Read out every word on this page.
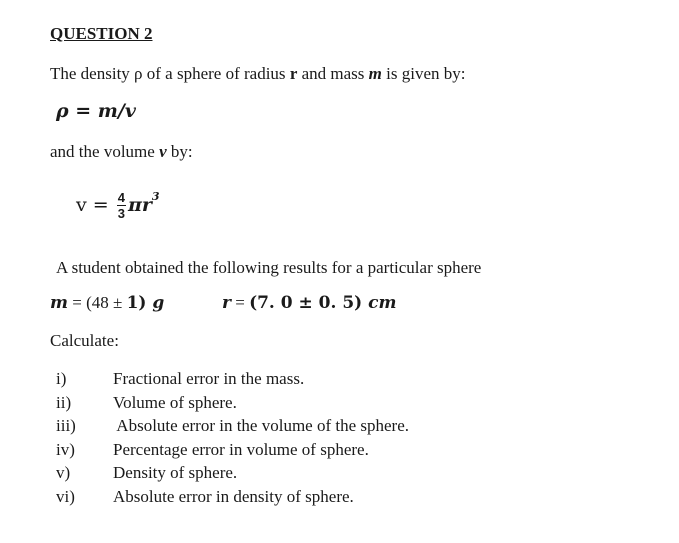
QUESTION 2
The density ρ of a sphere of radius r and mass m is given by:
ρ = m/v
and the volume v by:
$v = \frac{4}{3} \pi r^3$
A student obtained the following results for a particular sphere
m = (48 ± 1) g	r = (7. 0 ± 0. 5) cm
Calculate:
i)	Fractional error in the mass.
ii) Volume of sphere.
iii) Absolute error in the volume of the sphere.
iv) Percentage error in volume of sphere.
v)	Density of sphere.
vi) Absolute error in density of sphere.
